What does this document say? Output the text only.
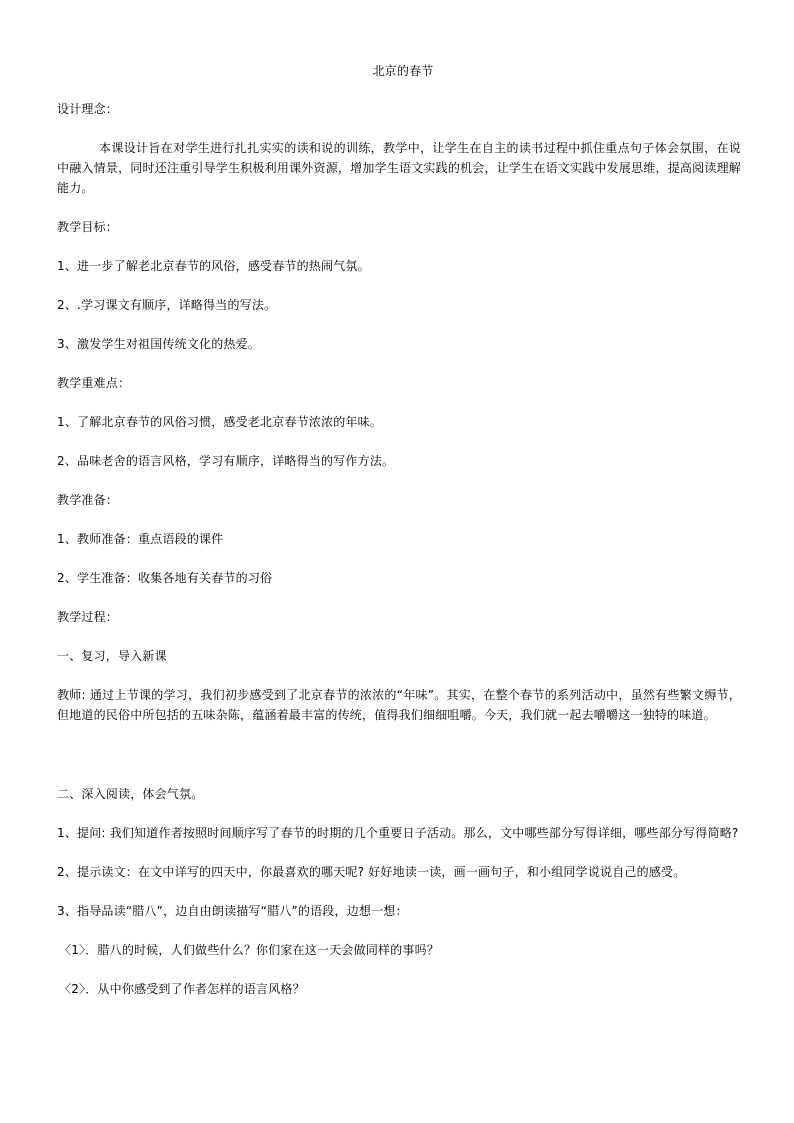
北京的春节
设计理念：
本课设计旨在对学生进行扎扎实实的读和说的训练，教学中，让学生在自主的读书过程中抓住重点句子体会氛围，在说中融入情景，同时还注重引导学生积极利用课外资源，增加学生语文实践的机会，让学生在语文实践中发展思维，提高阅读理解能力。
教学目标：
1、进一步了解老北京春节的风俗，感受春节的热闹气氛。
2、.学习课文有顺序，详略得当的写法。
3、激发学生对祖国传统文化的热爱。
教学重难点：
1、了解北京春节的风俗习惯，感受老北京春节浓浓的年味。
2、品味老舍的语言风格，学习有顺序，详略得当的写作方法。
教学准备：
1、教师准备：重点语段的课件
2、学生准备：收集各地有关春节的习俗
教学过程：
一、复习，导入新课
教师: 通过上节课的学习，我们初步感受到了北京春节的浓浓的“年味”。其实，在整个春节的系列活动中，虽然有些繁文缛节，但地道的民俗中所包括的五味杂陈，蕴涵着最丰富的传统，值得我们细细咀嚼。今天，我们就一起去嚼嚼这一独特的味道。
二、深入阅读，体会气氛。
1、提问: 我们知道作者按照时间顺序写了春节的时期的几个重要日子活动。那么，文中哪些部分写得详细，哪些部分写得简略?
2、提示读文：在文中详写的四天中，你最喜欢的哪天呢? 好好地读一读，画一画句子，和小组同学说说自己的感受。
3、指导品读“腊八”，边自由朗读描写“腊八”的语段，边想一想：
〈1〉．腊八的时候，人们做些什么？你们家在这一天会做同样的事吗？
〈2〉．从中你感受到了作者怎样的语言风格？
